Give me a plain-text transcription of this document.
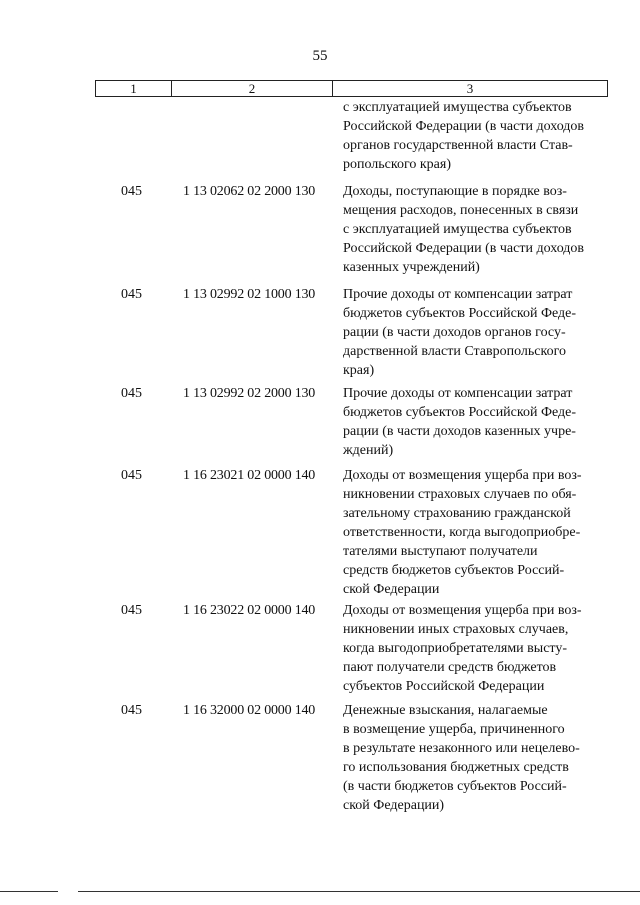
55
1	2	3
с эксплуатацией имущества субъектов
Российской Федерации (в части доходов
органов государственной власти Став-
ропольского края)
045	1 13 02062 02 2000 130 Доходы, поступающие в порядке воз-
мещения расходов, понесенных в связи
с эксплуатацией имущества субъектов
Российской Федерации (в части доходов
казенных учреждений)
045	1 13 02992 02 1000 130 Прочие доходы от компенсации затрат
бюджетов субъектов Российской Феде-
рации (в части доходов органов госу-
дарственной власти Ставропольского
края)
045	1 13 02992 02 2000 130 Прочие доходы от компенсации затрат
бюджетов субъектов Российской Феде-
рации (в части доходов казенных учре-
ждений)
045	1 16 23021 02 0000 140 Доходы от возмещения ущерба при воз-
никновении страховых случаев по обя-
зательному страхованию гражданской
ответственности, когда выгодоприобре-
тателями выступают получатели
средств бюджетов субъектов Россий-
ской Федерации
045	1 16 23022 02 0000 140 Доходы от возмещения ущерба при воз-
никновении иных страховых случаев,
когда выгодоприобретателями высту-
пают получатели средств бюджетов
субъектов Российской Федерации
045	1 16 32000 02 0000 140 Денежные взыскания, налагаемые
в возмещение ущерба, причиненного
в результате незаконного или нецелево-
го использования бюджетных средств
(в части бюджетов субъектов Россий-
ской Федерации)
